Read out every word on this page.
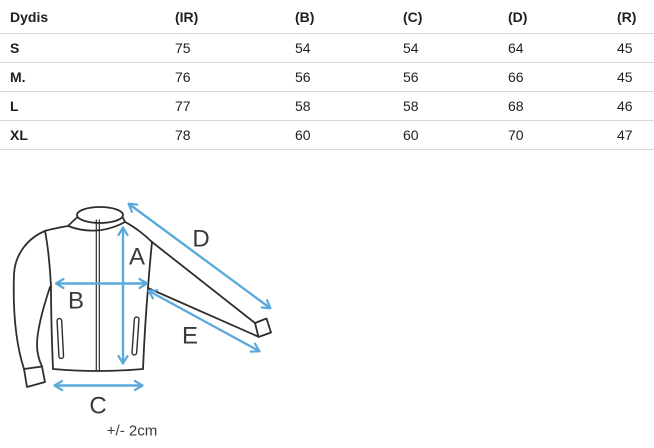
Dydis	(IR)	(B)	(C)	(D)	(R)
S	75	54	54	64	45
M.	76	56	56	66	45
L	77	58	58	68	46
XL	78	60	60	70	47
A
B
C
D
E
+/- 2cm
